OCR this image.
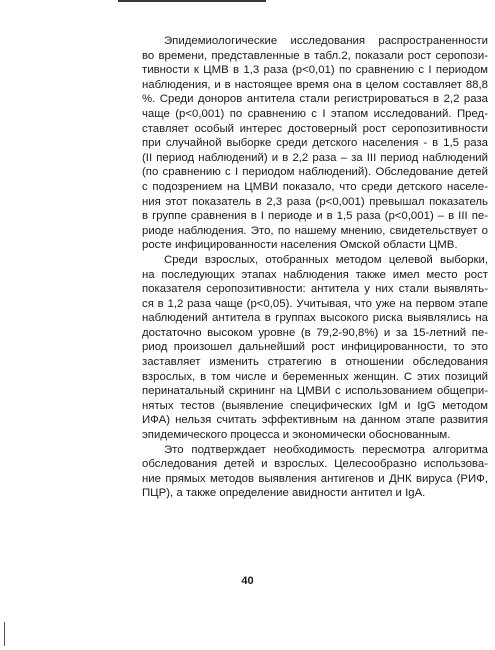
Эпидемиологические исследования распространенности
во времени, представленные в табл.2, показали рост серопози-
тивности к ЦМВ в 1,3 раза (p<0,01) по сравнению с I периодом
наблюдения, и в настоящее время она в целом составляет 88,8
%. Среди доноров антитела стали регистрироваться в 2,2 раза
чаще (p<0,001) по сравнению с I этапом исследований. Пред-
ставляет особый интерес достоверный рост серопозитивности
при случайной выборке среди детского населения - в 1,5 раза
(II период наблюдений) и в 2,2 раза – за III период наблюдений
(по сравнению с I периодом наблюдений). Обследование детей
с подозрением на ЦМВИ показало, что среди детского населе-
ния этот показатель в 2,3 раза (p<0,001) превышал показатель
в группе сравнения в I периоде и в 1,5 раза (p<0,001) – в III пе-
риоде наблюдения. Это, по нашему мнению, свидетельствует о
росте инфицированности населения Омской области ЦМВ.

Среди взрослых, отобранных методом целевой выборки,
на последующих этапах наблюдения также имел место рост
показателя серопозитивности: антитела у них стали выявлять-
ся в 1,2 раза чаще (p<0,05). Учитывая, что уже на первом этапе
наблюдений антитела в группах высокого риска выявлялись на
достаточно высоком уровне (в 79,2-90,8%) и за 15-летний пе-
риод произошел дальнейший рост инфицированности, то это
заставляет изменить стратегию в отношении обследования
взрослых, в том числе и беременных женщин. С этих позиций
перинатальный скрининг на ЦМВИ с использованием общепри-
нятых тестов (выявление специфических IgM и IgG методом
ИФА) нельзя считать эффективным на данном этапе развития
эпидемического процесса и экономически обоснованным.

Это подтверждает необходимость пересмотра алгоритма
обследования детей и взрослых. Целесообразно использова-
ние прямых методов выявления антигенов и ДНК вируса (РИФ,
ПЦР), а также определение авидности антител и IgA.

40
